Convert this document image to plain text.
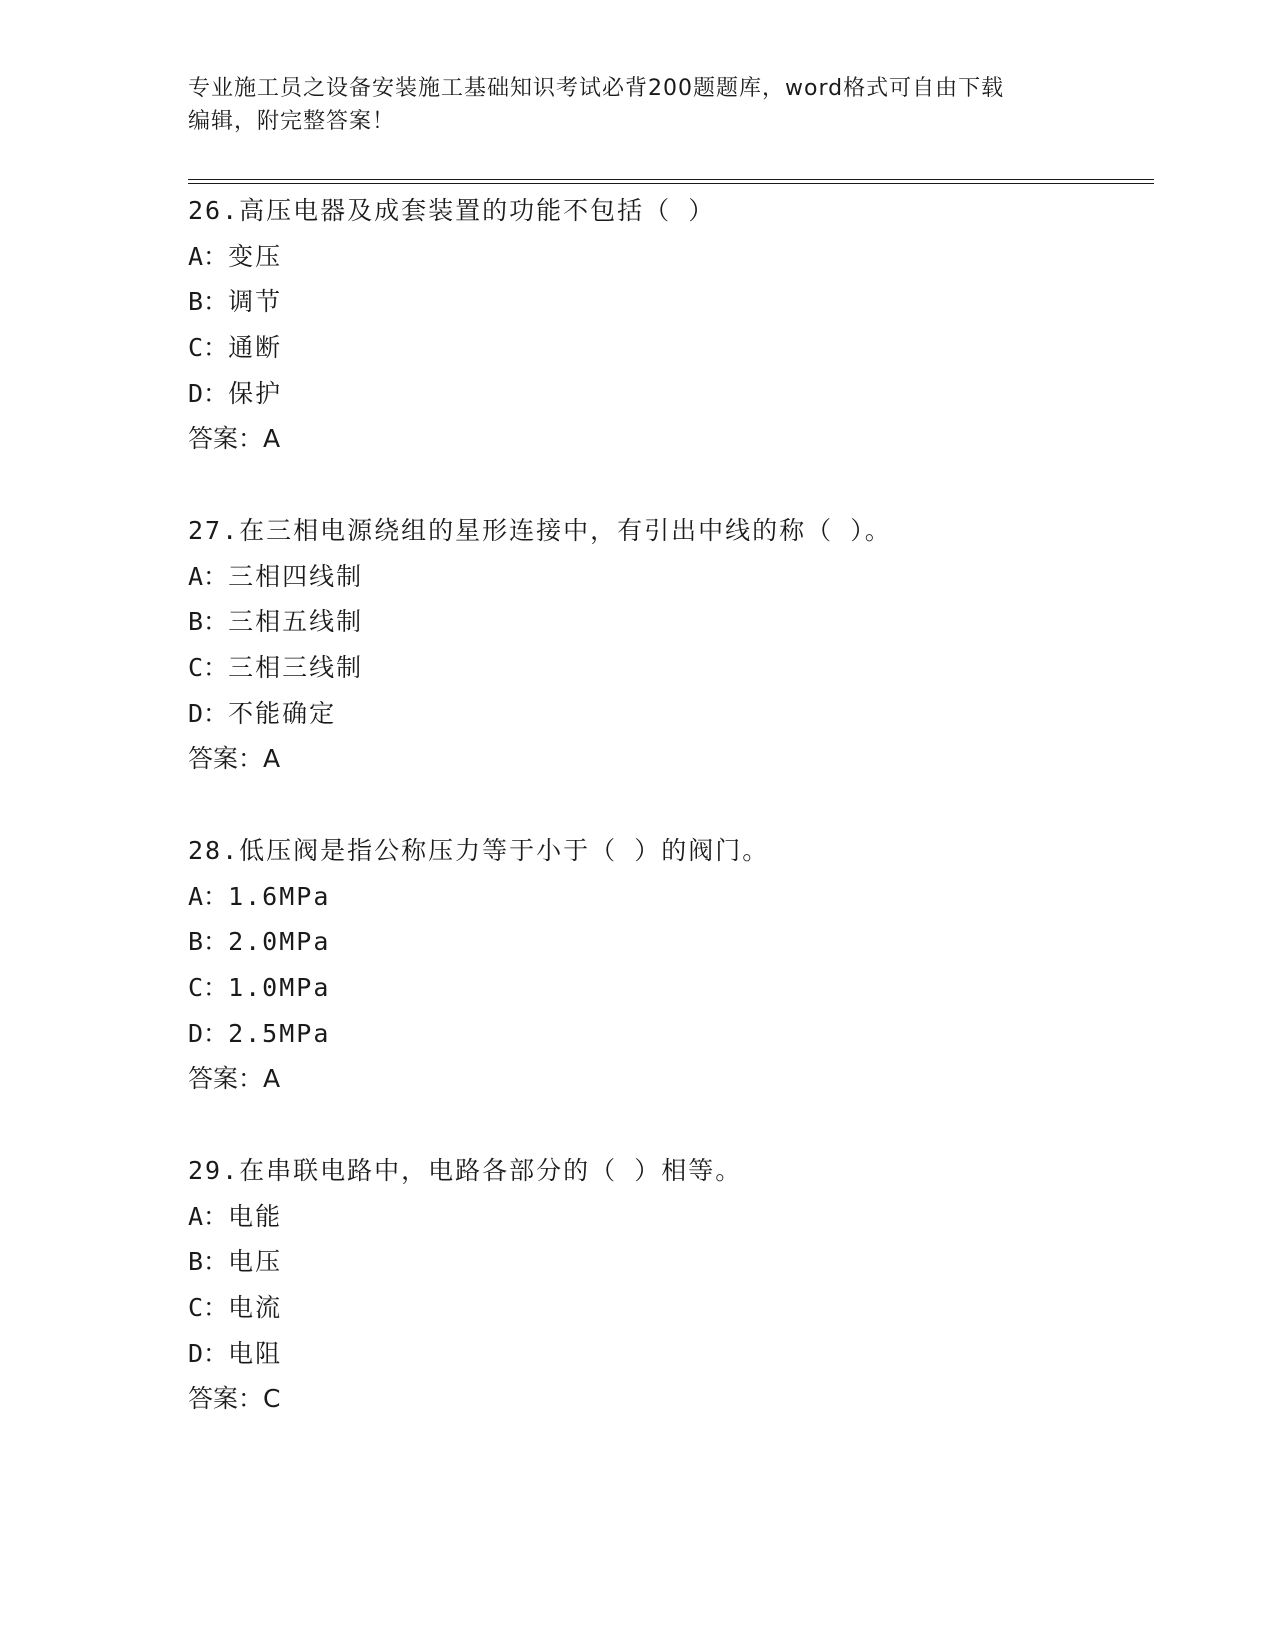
专业施工员之设备安装施工基础知识考试必背200题题库，word格式可自由下载
编辑，附完整答案！
26.高压电器及成套装置的功能不包括（ ）
A：变压
B：调节
C：通断
D：保护
答案：A
27.在三相电源绕组的星形连接中，有引出中线的称（ ）。
A：三相四线制
B：三相五线制
C：三相三线制
D：不能确定
答案：A
28.低压阀是指公称压力等于小于（ ）的阀门。
A：1.6MPa
B：2.0MPa
C：1.0MPa
D：2.5MPa
答案：A
29.在串联电路中，电路各部分的（ ）相等。
A：电能
B：电压
C：电流
D：电阻
答案：C
